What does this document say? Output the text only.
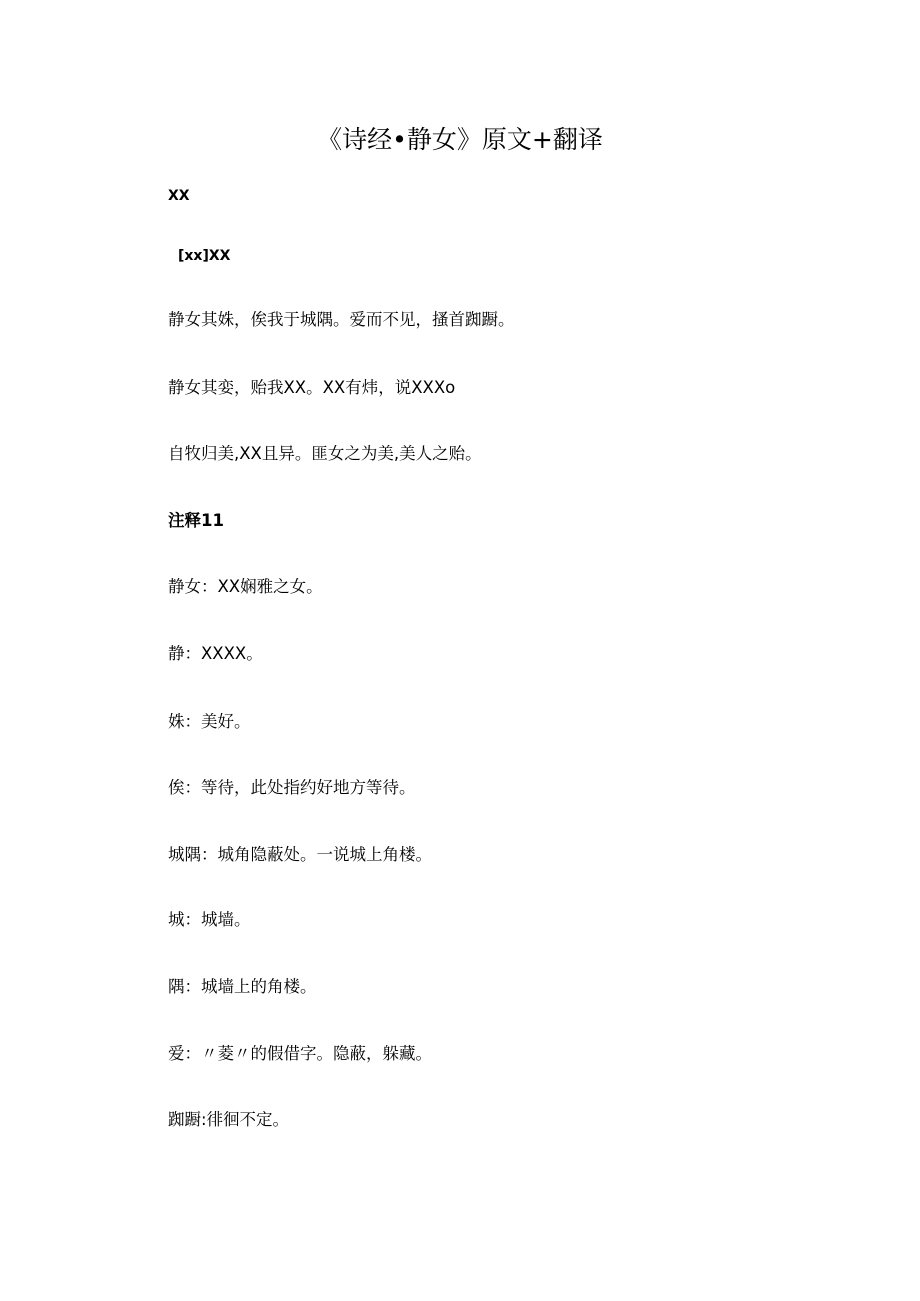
《诗经•静女》原文+翻译

XX

[xx]XX

静女其姝，俟我于城隅。爱而不见，搔首踟蹰。

静女其娈，贻我XX。XX有炜，说XXXo

自牧归美,XX且异。匪女之为美,美人之贻。

注释11

静女：XX娴雅之女。

静：XXXX。

姝：美好。

俟：等待，此处指约好地方等待。

城隅：城角隐蔽处。一说城上角楼。

城：城墙。

隅：城墙上的角楼。

爱：〃菱〃的假借字。隐蔽，躲藏。

踟蹰:徘徊不定。
